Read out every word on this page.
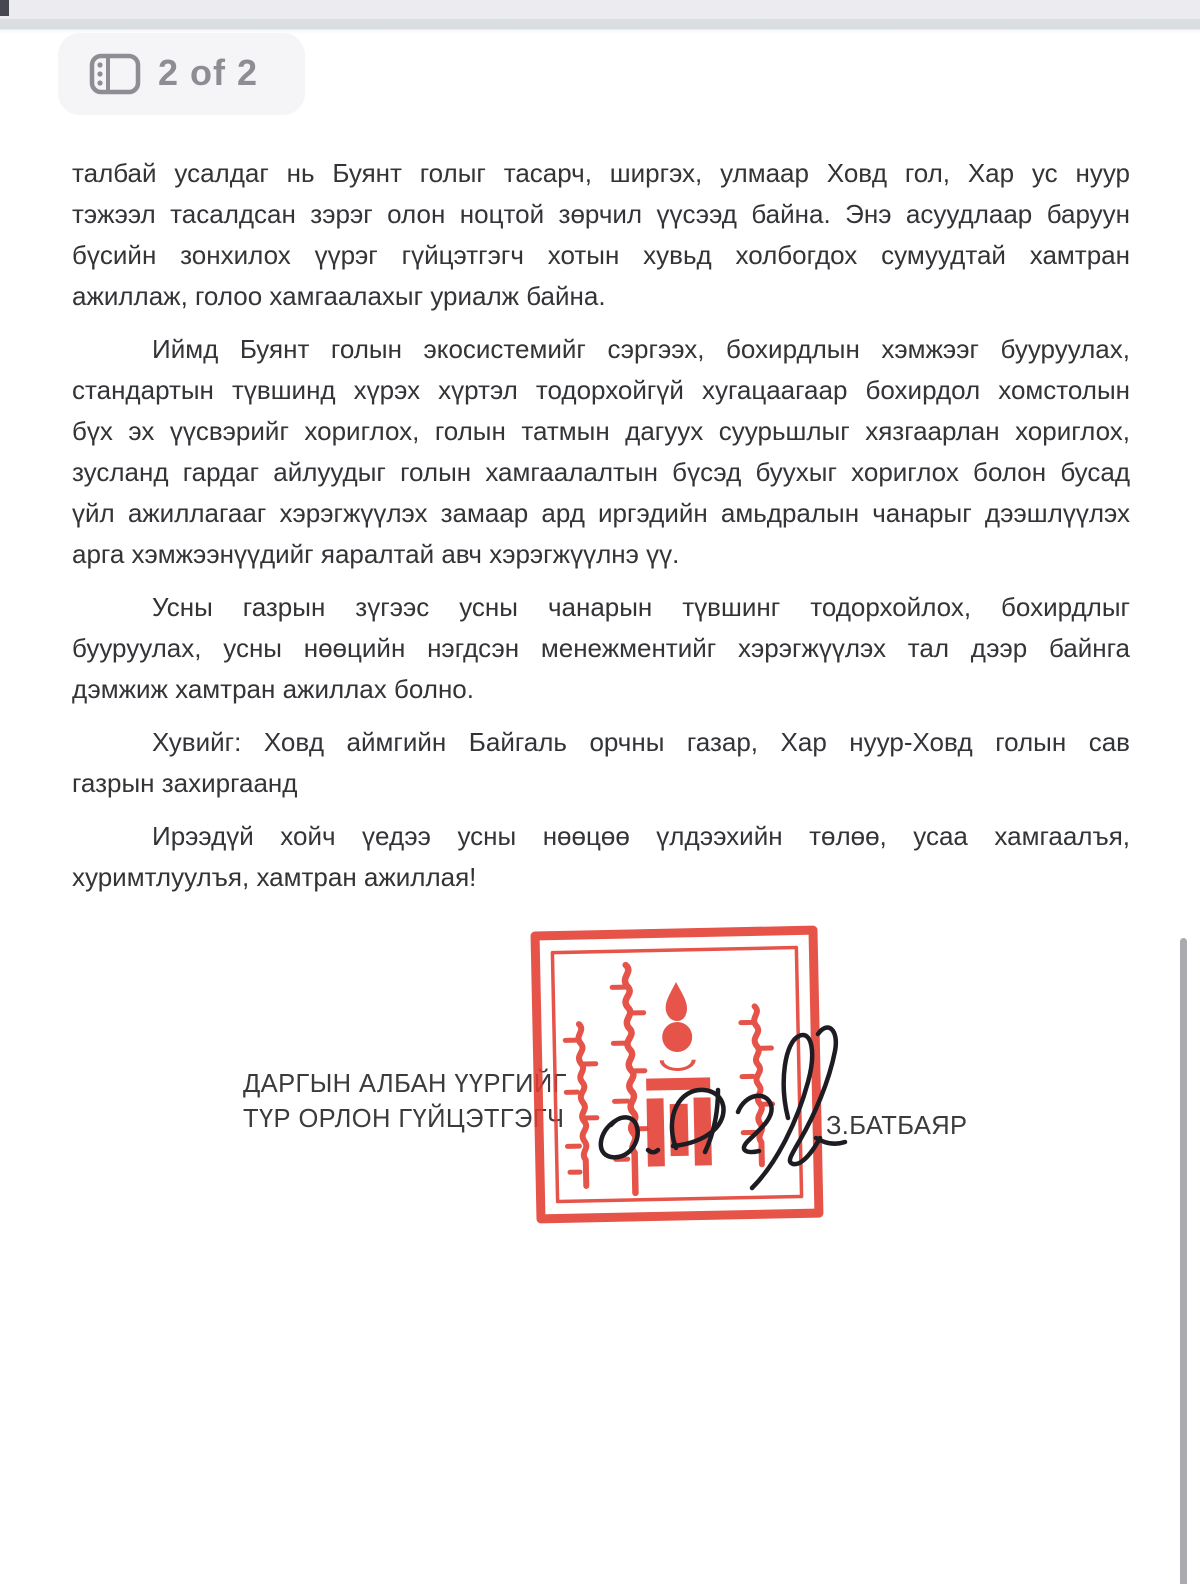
2 of 2
талбай усалдаг нь Буянт голыг тасарч, ширгэх, улмаар Ховд гол, Хар ус нуур
тэжээл тасалдсан зэрэг олон ноцтой зөрчил үүсээд байна. Энэ асуудлаар баруун
бүсийн зонхилох үүрэг гүйцэтгэгч хотын хувьд холбогдох сумуудтай хамтран
ажиллаж, голоо хамгаалахыг уриалж байна.
Иймд Буянт голын экосистемийг сэргээх, бохирдлын хэмжээг бууруулах,
стандартын түвшинд хүрэх хүртэл тодорхойгүй хугацаагаар бохирдол хомстолын
бүх эх үүсвэрийг хориглох, голын татмын дагуух суурьшлыг хязгаарлан хориглох,
зусланд гардаг айлуудыг голын хамгаалалтын бүсэд буухыг хориглох болон бусад
үйл ажиллагааг хэрэгжүүлэх замаар ард иргэдийн амьдралын чанарыг дээшлүүлэх
арга хэмжээнүүдийг яаралтай авч хэрэгжүүлнэ үү.
Усны газрын зүгээс усны чанарын түвшинг тодорхойлох, бохирдлыг
бууруулах, усны нөөцийн нэгдсэн менежментийг хэрэгжүүлэх тал дээр байнга
дэмжиж хамтран ажиллах болно.
Хувийг: Ховд аймгийн Байгаль орчны газар, Хар нуур-Ховд голын сав
газрын захиргаанд
Ирээдүй хойч үедээ усны нөөцөө үлдээхийн төлөө, усаа хамгаалъя,
хуримтлуулъя, хамтран ажиллая!
ДАРГЫН АЛБАН ҮҮРГИЙГ
ТҮР ОРЛОН ГҮЙЦЭТГЭГЧ	З.БАТБАЯР
